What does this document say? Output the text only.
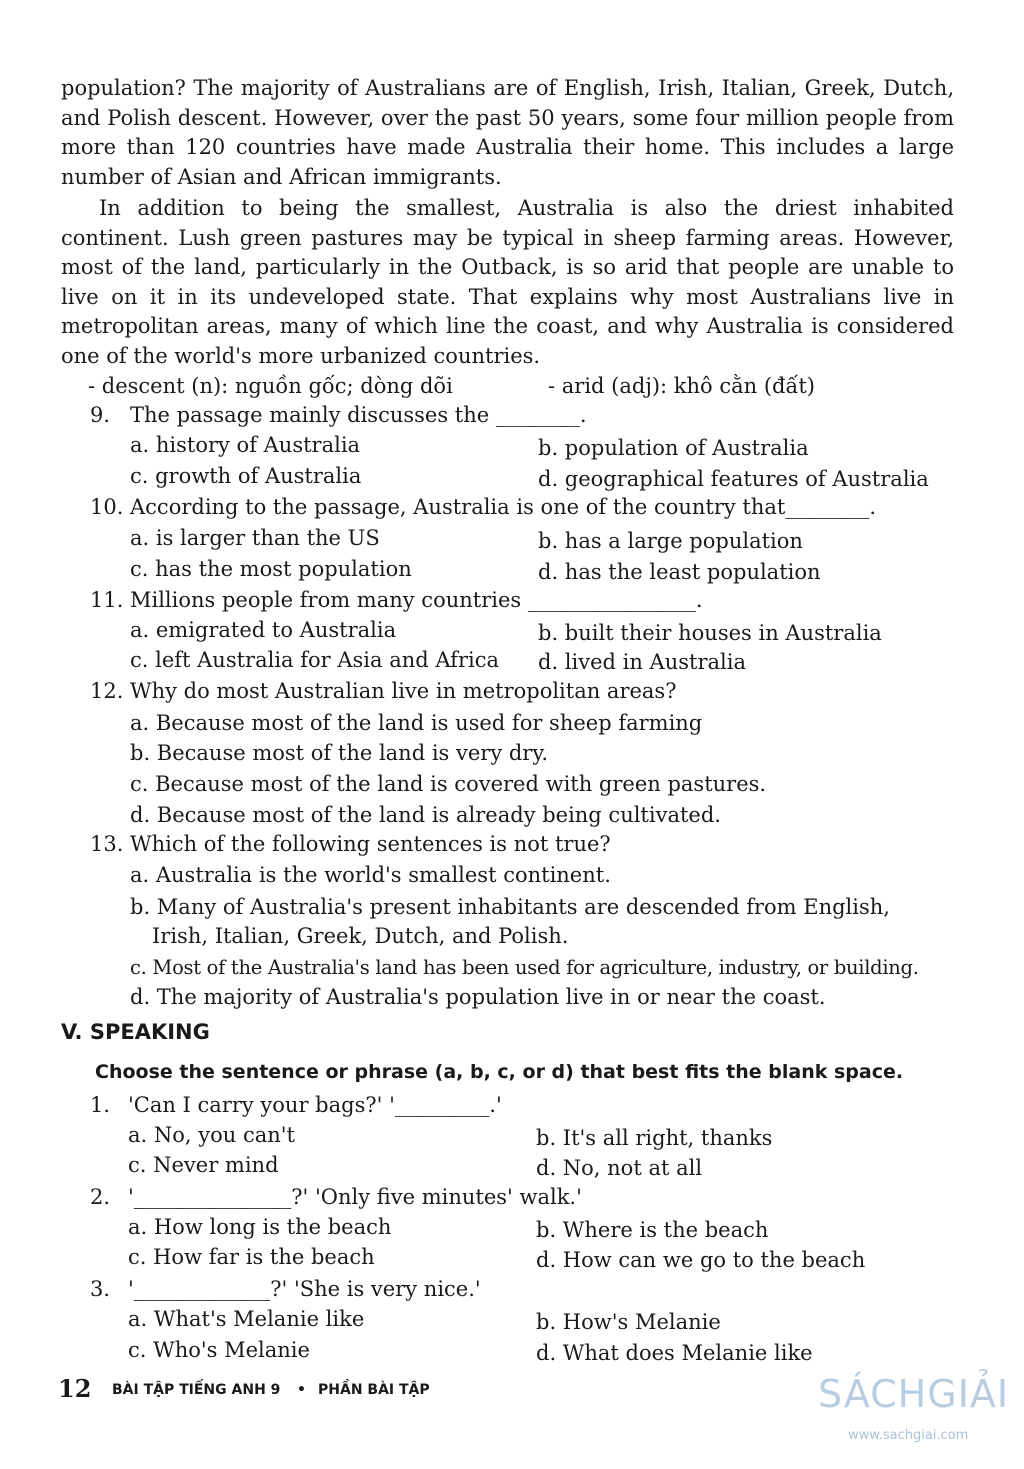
population? The majority of Australians are of English, Irish, Italian, Greek, Dutch, and Polish descent. However, over the past 50 years, some four million people from more than 120 countries have made Australia their home. This includes a large number of Asian and African immigrants.

In addition to being the smallest, Australia is also the driest inhabited continent. Lush green pastures may be typical in sheep farming areas. However, most of the land, particularly in the Outback, is so arid that people are unable to live on it in its undeveloped state. That explains why most Australians live in metropolitan areas, many of which line the coast, and why Australia is considered one of the world's more urbanized countries.

- descent (n): nguồn gốc; dòng dõi	- arid (adj): khô cằn (đất)
9. The passage mainly discusses the ________.
a. history of Australia	b. population of Australia
c. growth of Australia	d. geographical features of Australia
10. According to the passage, Australia is one of the country that________.
a. is larger than the US	b. has a large population
c. has the most population	d. has the least population
11. Millions people from many countries ________________.
a. emigrated to Australia	b. built their houses in Australia
c. left Australia for Asia and Africa d. lived in Australia
12. Why do most Australian live in metropolitan areas?
a. Because most of the land is used for sheep farming
b. Because most of the land is very dry.
c. Because most of the land is covered with green pastures.
d. Because most of the land is already being cultivated.
13. Which of the following sentences is not true?
a. Australia is the world's smallest continent.
b. Many of Australia's present inhabitants are descended from English,
Irish, Italian, Greek, Dutch, and Polish.
c. Most of the Australia's land has been used for agriculture, industry, or building.
d. The majority of Australia's population live in or near the coast.
V. SPEAKING
Choose the sentence or phrase (a, b, c, or d) that best fits the blank space.
1. 'Can I carry your bags?' '_________.'
a. No, you can't	b. It's all right, thanks
c. Never mind	d. No, not at all
2. '_______________?' 'Only five minutes' walk.'
a. How long is the beach	b. Where is the beach
c. How far is the beach	d. How can we go to the beach
3. '_____________?' 'She is very nice.'
a. What's Melanie like	b. How's Melanie
c. Who's Melanie	d. What does Melanie like
12 BÀI TẬP TIẾNG ANH 9 • PHẦN BÀI TẬP	SÁCHGIẢI
www.sachgiai.com
